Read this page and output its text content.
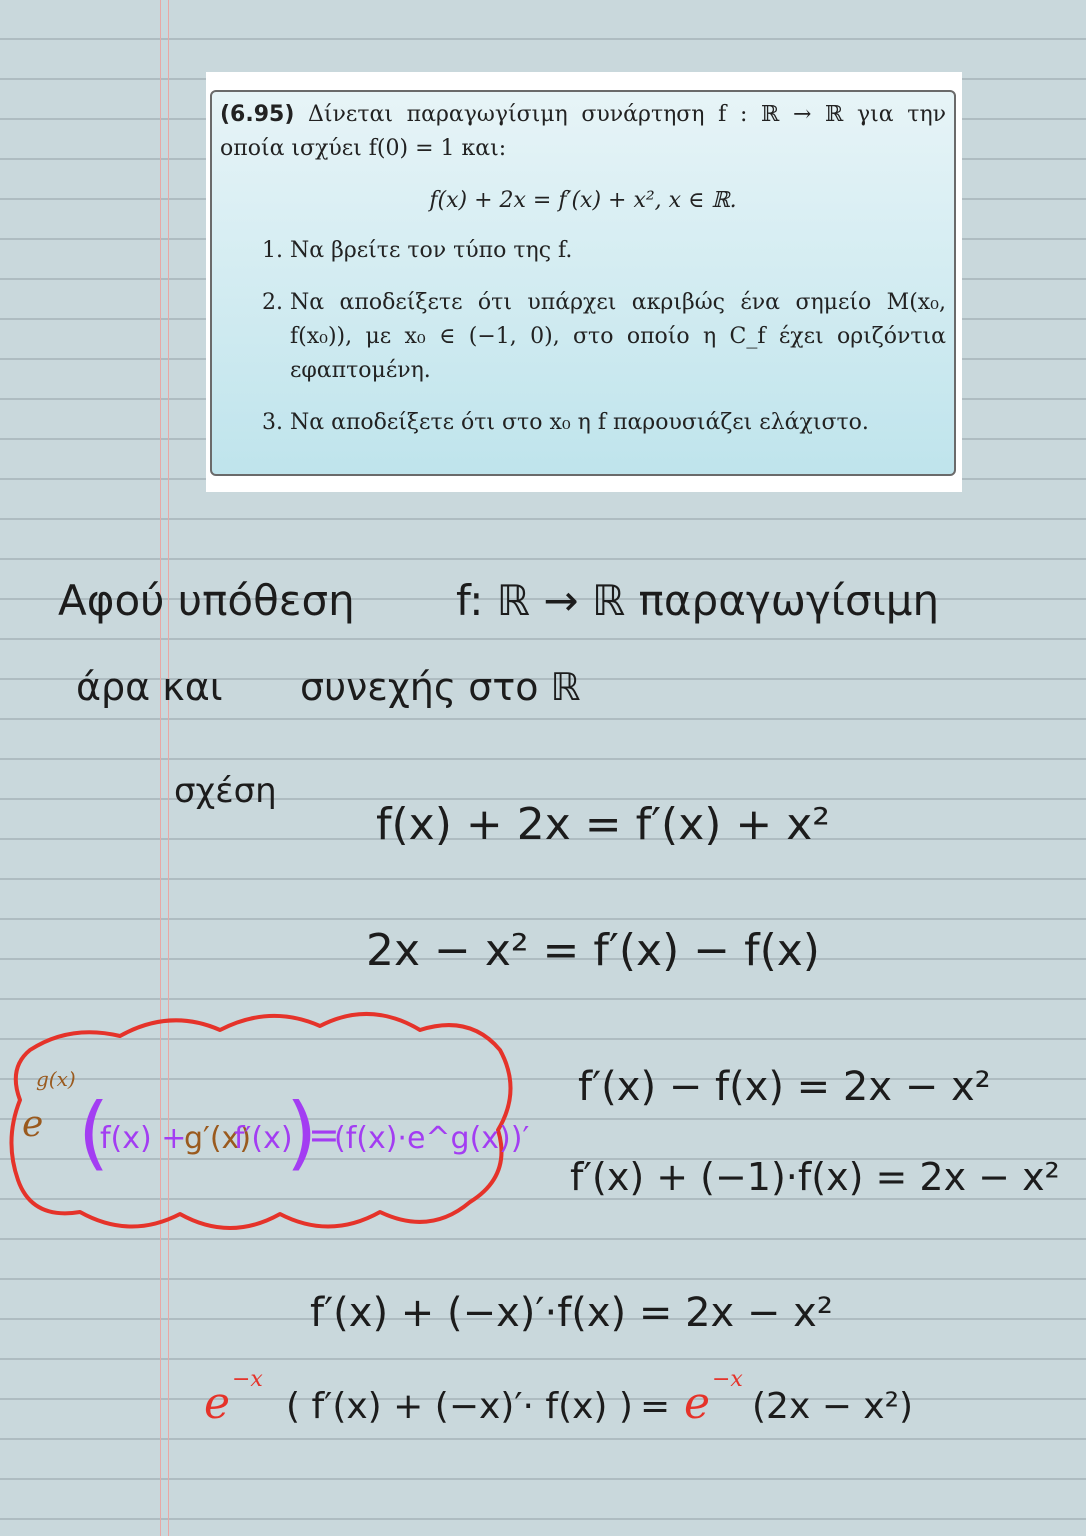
(6.95) Δίνεται παραγωγίσιμη συνάρτηση f : ℝ → ℝ για την οποία ισχύει f(0) = 1 και:

f(x) + 2x = f′(x) + x², x ∈ ℝ.
1. Να βρείτε τον τύπο της f.
2. Να αποδείξετε ότι υπάρχει ακριβώς ένα σημείο M(x₀, f(x₀)), με x₀ ∈ (−1, 0), στο οποίο η C_f έχει οριζόντια εφαπτομένη.
3. Να αποδείξετε ότι στο x₀ η f παρουσιάζει ελάχιστο.

Αφού υπόθεση f: ℝ → ℝ παραγωγίσιμη

άρα και συνεχής στο ℝ

σχέση

f(x) + 2x = f′(x) + x²

2x − x² = f′(x) − f(x)

f′(x) − f(x) = 2x − x²

f′(x) + (−1)·f(x) = 2x − x²

f′(x) + (−x)′·f(x) = 2x − x²

e
g(x)
(
f(x) +
g′(x)
f′(x)
)
=
(f(x)·e^g(x))′
e −x
( f′(x) + (−x)′· f(x) ) = e −x
(2x − x²)
